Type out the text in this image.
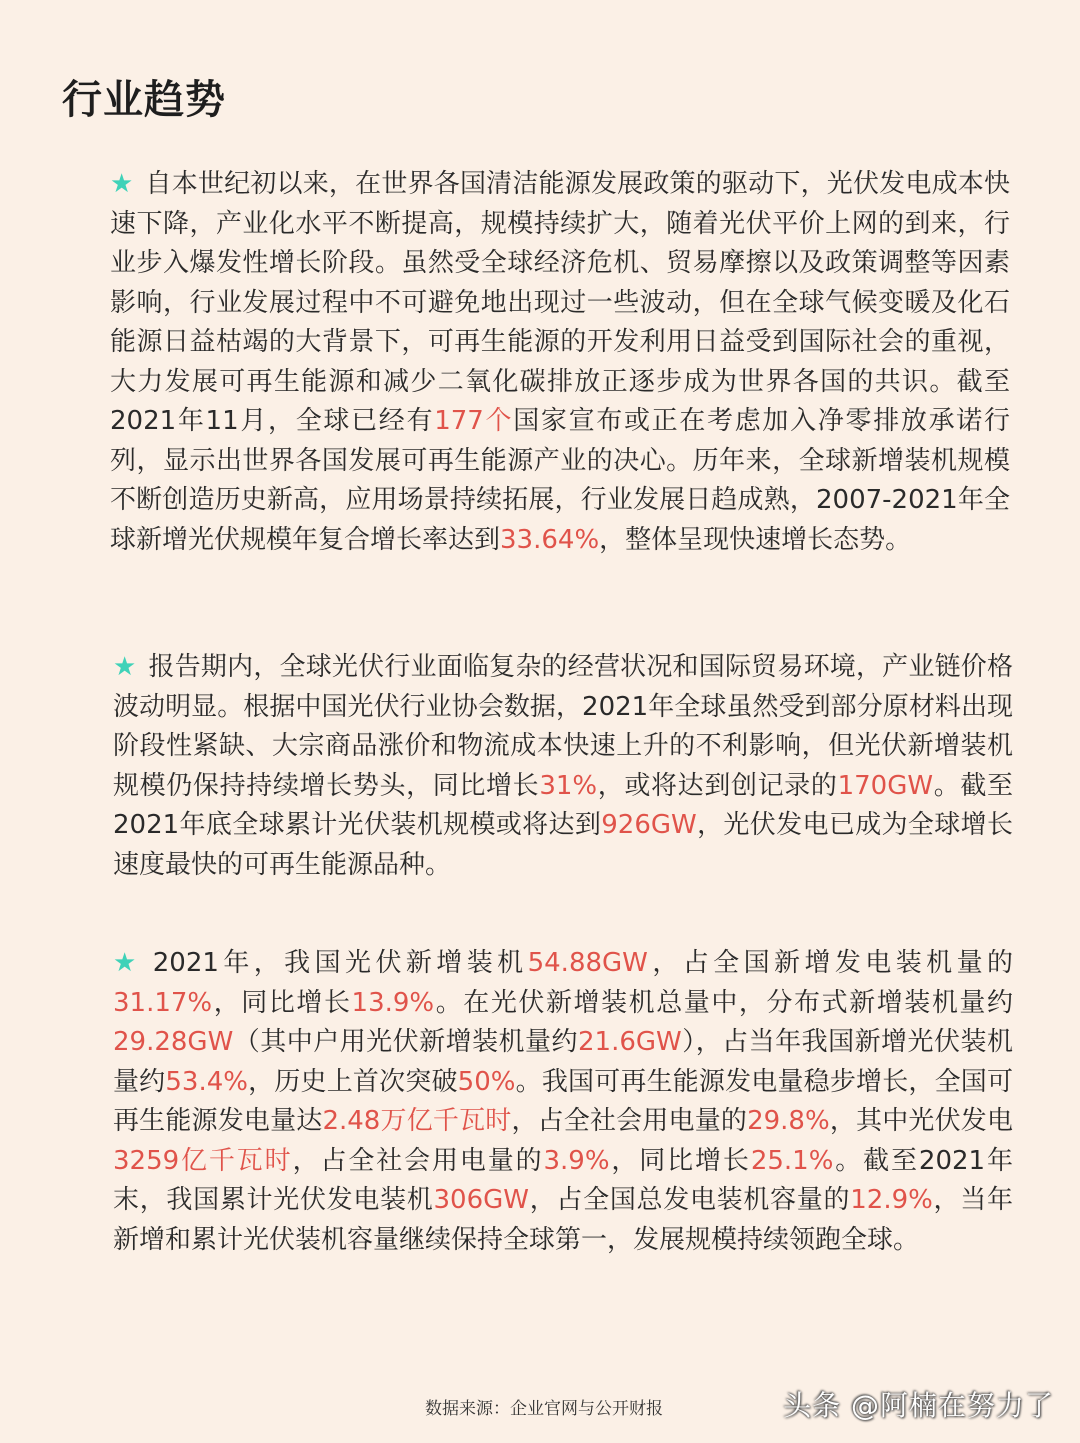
行业趋势
★ 自本世纪初以来，在世界各国清洁能源发展政策的驱动下，光伏发电成本快速下降，产业化水平不断提高，规模持续扩大，随着光伏平价上网的到来，行业步入爆发性增长阶段。虽然受全球经济危机、贸易摩擦以及政策调整等因素影响，行业发展过程中不可避免地出现过一些波动，但在全球气候变暖及化石能源日益枯竭的大背景下，可再生能源的开发利用日益受到国际社会的重视，大力发展可再生能源和减少二氧化碳排放正逐步成为世界各国的共识。截至2021年11月，全球已经有177个国家宣布或正在考虑加入净零排放承诺行列，显示出世界各国发展可再生能源产业的决心。历年来，全球新增装机规模不断创造历史新高，应用场景持续拓展，行业发展日趋成熟，2007-2021年全球新增光伏规模年复合增长率达到33.64%，整体呈现快速增长态势。
★ 报告期内，全球光伏行业面临复杂的经营状况和国际贸易环境，产业链价格波动明显。根据中国光伏行业协会数据，2021年全球虽然受到部分原材料出现阶段性紧缺、大宗商品涨价和物流成本快速上升的不利影响，但光伏新增装机规模仍保持持续增长势头，同比增长31%，或将达到创记录的170GW。截至2021年底全球累计光伏装机规模或将达到926GW，光伏发电已成为全球增长速度最快的可再生能源品种。
★ 2021年，我国光伏新增装机54.88GW，占全国新增发电装机量的31.17%，同比增长13.9%。在光伏新增装机总量中，分布式新增装机量约29.28GW（其中户用光伏新增装机量约21.6GW），占当年我国新增光伏装机量约53.4%，历史上首次突破50%。我国可再生能源发电量稳步增长，全国可再生能源发电量达2.48万亿千瓦时，占全社会用电量的29.8%，其中光伏发电3259亿千瓦时，占全社会用电量的3.9%，同比增长25.1%。截至2021年末，我国累计光伏发电装机306GW，占全国总发电装机容量的12.9%，当年新增和累计光伏装机容量继续保持全球第一，发展规模持续领跑全球。
数据来源：企业官网与公开财报	头条 @阿楠在努力了
